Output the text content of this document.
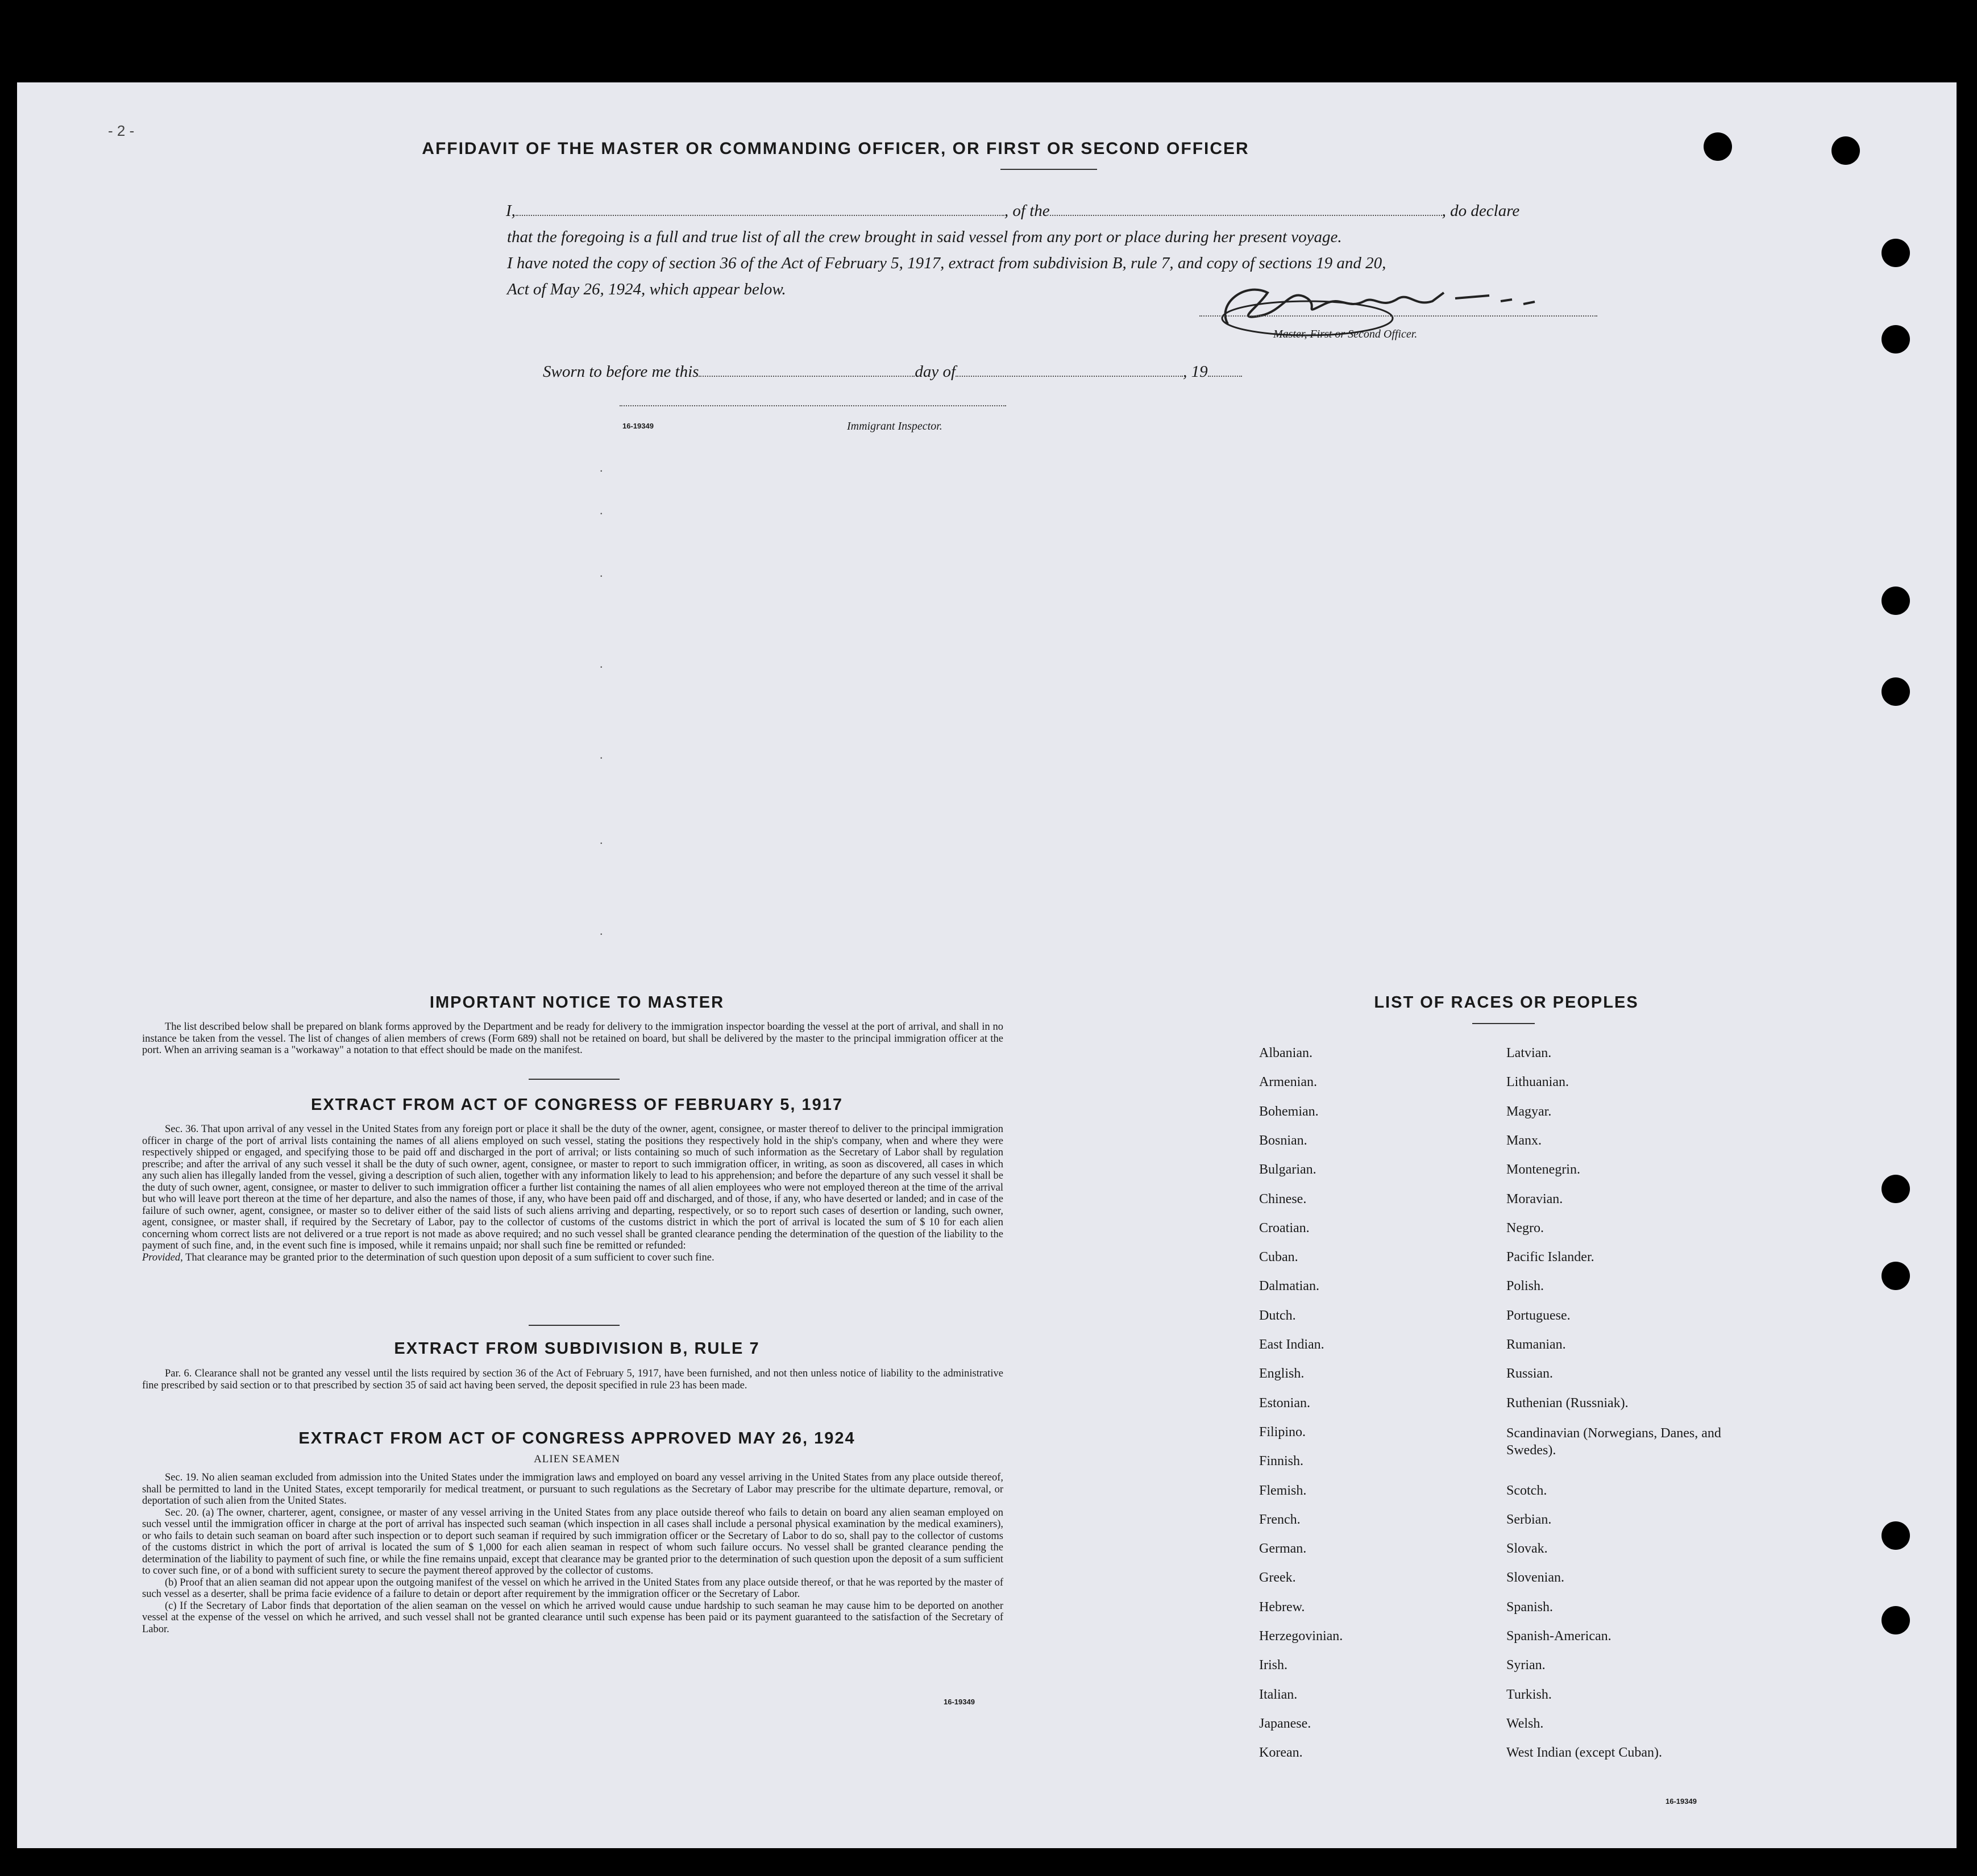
- 2 -
AFFIDAVIT OF THE MASTER OR COMMANDING OFFICER, OR FIRST OR SECOND OFFICER
I,	, of the	, do declare
that the foregoing is a full and true list of all the crew brought in said vessel from any port or place during her present voyage.
I have noted the copy of section 36 of the Act of February 5, 1917, extract from subdivision B, rule 7, and copy of sections 19 and 20,
Act of May 26, 1924, which appear below.
Master, First or Second Officer.
Sworn to before me this	day of	, 19
16-19349	Immigrant Inspector.
IMPORTANT NOTICE TO MASTER

The list described below shall be prepared on blank forms approved by the Department and be ready for delivery to the immigration inspector boarding the vessel at the port of arrival, and shall in no instance be taken from the vessel. The list of changes of alien members of crews (Form 689) shall not be retained on board, but shall be delivered by the master to the principal immigration officer at the port. When an arriving seaman is a "workaway" a notation to that effect should be made on the manifest.

EXTRACT FROM ACT OF CONGRESS OF FEBRUARY 5, 1917

Sec. 36. That upon arrival of any vessel in the United States from any foreign port or place it shall be the duty of the owner, agent, consignee, or master thereof to deliver to the principal immigration officer in charge of the port of arrival lists containing the names of all aliens employed on such vessel, stating the positions they respectively hold in the ship's company, when and where they were respectively shipped or engaged, and specifying those to be paid off and discharged in the port of arrival; or lists containing so much of such information as the Secretary of Labor shall by regulation prescribe; and after the arrival of any such vessel it shall be the duty of such owner, agent, consignee, or master to report to such immigration officer, in writing, as soon as discovered, all cases in which any such alien has illegally landed from the vessel, giving a description of such alien, together with any information likely to lead to his apprehension; and before the departure of any such vessel it shall be the duty of such owner, agent, consignee, or master to deliver to such immigration officer a further list containing the names of all alien employees who were not employed thereon at the time of the arrival but who will leave port thereon at the time of her departure, and also the names of those, if any, who have been paid off and discharged, and of those, if any, who have deserted or landed; and in case of the failure of such owner, agent, consignee, or master so to deliver either of the said lists of such aliens arriving and departing, respectively, or so to report such cases of desertion or landing, such owner, agent, consignee, or master shall, if required by the Secretary of Labor, pay to the collector of customs of the customs district in which the port of arrival is located the sum of $ 10 for each alien concerning whom correct lists are not delivered or a true report is not made as above required; and no such vessel shall be granted clearance pending the determination of the question of the liability to the payment of such fine, and, in the event such fine is imposed, while it remains unpaid; nor shall such fine be remitted or refunded:

Provided, That clearance may be granted prior to the determination of such question upon deposit of a sum sufficient to cover such fine.

EXTRACT FROM SUBDIVISION B, RULE 7

Par. 6. Clearance shall not be granted any vessel until the lists required by section 36 of the Act of February 5, 1917, have been furnished, and not then unless notice of liability to the administrative fine prescribed by said section or to that prescribed by section 35 of said act having been served, the deposit specified in rule 23 has been made.

EXTRACT FROM ACT OF CONGRESS APPROVED MAY 26, 1924
ALIEN SEAMEN

Sec. 19. No alien seaman excluded from admission into the United States under the immigration laws and employed on board any vessel arriving in the United States from any place outside thereof, shall be permitted to land in the United States, except temporarily for medical treatment, or pursuant to such regulations as the Secretary of Labor may prescribe for the ultimate departure, removal, or deportation of such alien from the United States.

Sec. 20. (a) The owner, charterer, agent, consignee, or master of any vessel arriving in the United States from any place outside thereof who fails to detain on board any alien seaman employed on such vessel until the immigration officer in charge at the port of arrival has inspected such seaman (which inspection in all cases shall include a personal physical examination by the medical examiners), or who fails to detain such seaman on board after such inspection or to deport such seaman if required by such immigration officer or the Secretary of Labor to do so, shall pay to the collector of customs of the customs district in which the port of arrival is located the sum of $ 1,000 for each alien seaman in respect of whom such failure occurs. No vessel shall be granted clearance pending the determination of the liability to payment of such fine, or while the fine remains unpaid, except that clearance may be granted prior to the determination of such question upon the deposit of a sum sufficient to cover such fine, or of a bond with sufficient surety to secure the payment thereof approved by the collector of customs.

(b) Proof that an alien seaman did not appear upon the outgoing manifest of the vessel on which he arrived in the United States from any place outside thereof, or that he was reported by the master of such vessel as a deserter, shall be prima facie evidence of a failure to detain or deport after requirement by the immigration officer or the Secretary of Labor.

(c) If the Secretary of Labor finds that deportation of the alien seaman on the vessel on which he arrived would cause undue hardship to such seaman he may cause him to be deported on another vessel at the expense of the vessel on which he arrived, and such vessel shall not be granted clearance until such expense has been paid or its payment guaranteed to the satisfaction of the Secretary of Labor.

16-19349
LIST OF RACES OR PEOPLES
Albanian.
Armenian.
Bohemian.
Bosnian.
Bulgarian.
Chinese.
Croatian.
Cuban.
Dalmatian.
Dutch.
East Indian.
English.
Estonian.
Filipino.
Finnish.
Flemish.
French.
German.
Greek.
Hebrew.
Herzegovinian.
Irish.
Italian.
Japanese.
Korean.
Latvian.
Lithuanian.
Magyar.
Manx.
Montenegrin.
Moravian.
Negro.
Pacific Islander.
Polish.
Portuguese.
Rumanian.
Russian.
Ruthenian (Russniak).
Scandinavian (Norwegians, Danes, and Swedes).
Scotch.
Serbian.
Slovak.
Slovenian.
Spanish.
Spanish-American.
Syrian.
Turkish.
Welsh.
West Indian (except Cuban).
16-19349
.
.
.
.
.
.
.
